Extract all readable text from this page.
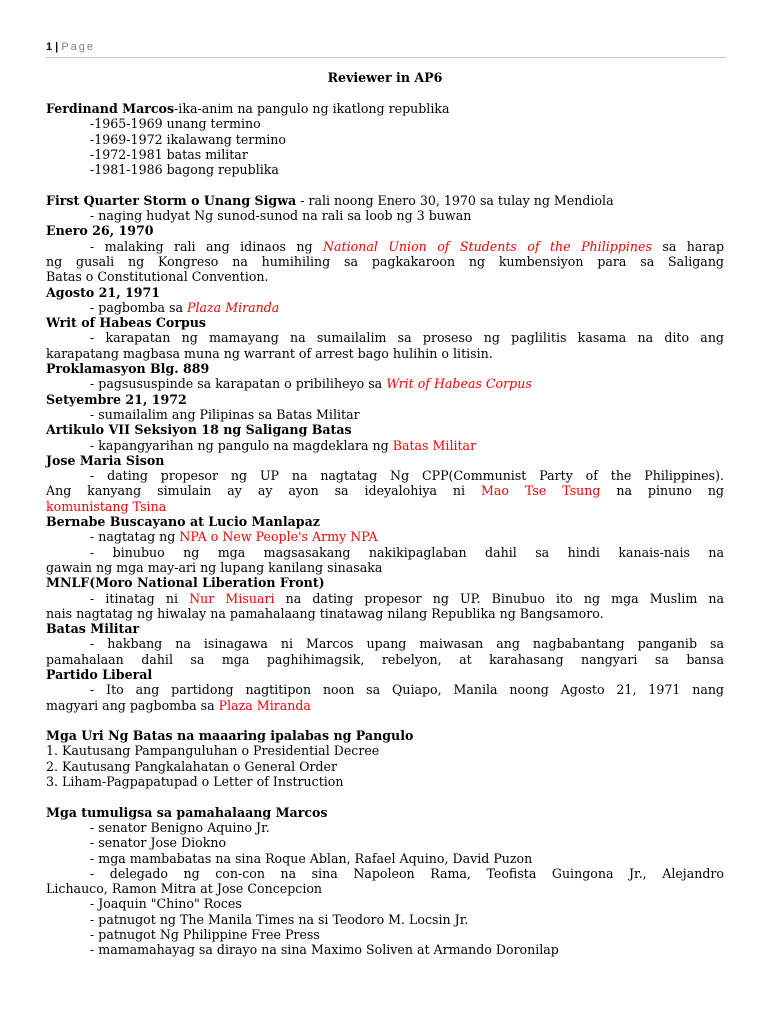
1 | Page
Reviewer in AP6
Ferdinand Marcos-ika-anim na pangulo ng ikatlong republika
-1965-1969 unang termino
-1969-1972 ikalawang termino
-1972-1981 batas militar
-1981-1986 bagong republika
First Quarter Storm o Unang Sigwa - rali noong Enero 30, 1970 sa tulay ng Mendiola
- naging hudyat Ng sunod-sunod na rali sa loob ng 3 buwan
Enero 26, 1970
- malaking rali ang idinaos ng National Union of Students of the Philippines sa harap
ng gusali ng Kongreso na humihiling sa pagkakaroon ng kumbensiyon para sa Saligang
Batas o Constitutional Convention.
Agosto 21, 1971
- pagbomba sa Plaza Miranda
Writ of Habeas Corpus
- karapatan ng mamayang na sumailalim sa proseso ng paglilitis kasama na dito ang
karapatang magbasa muna ng warrant of arrest bago hulihin o litisin.
Proklamasyon Blg. 889
- pagsususpinde sa karapatan o pribiliheyo sa Writ of Habeas Corpus
Setyembre 21, 1972
- sumailalim ang Pilipinas sa Batas Militar
Artikulo VII Seksiyon 18 ng Saligang Batas
- kapangyarihan ng pangulo na magdeklara ng Batas Militar
Jose Maria Sison
- dating propesor ng UP na nagtatag Ng CPP(Communist Party of the Philippines).
Ang kanyang simulain ay ay ayon sa ideyalohiya ni Mao Tse Tsung na pinuno ng
komunistang Tsina
Bernabe Buscayano at Lucio Manlapaz
- nagtatag ng NPA o New People's Army NPA
- binubuo ng mga magsasakang nakikipaglaban dahil sa hindi kanais-nais na
gawain ng mga may-ari ng lupang kanilang sinasaka
MNLF(Moro National Liberation Front)
- itinatag ni Nur Misuari na dating propesor ng UP. Binubuo ito ng mga Muslim na
nais nagtatag ng hiwalay na pamahalaang tinatawag nilang Republika ng Bangsamoro.
Batas Militar
- hakbang na isinagawa ni Marcos upang maiwasan ang nagbabantang panganib sa
pamahalaan dahil sa mga paghihimagsik, rebelyon, at karahasang nangyari sa bansa
Partido Liberal
- Ito ang partidong nagtitipon noon sa Quiapo, Manila noong Agosto 21, 1971 nang
magyari ang pagbomba sa Plaza Miranda
Mga Uri Ng Batas na maaaring ipalabas ng Pangulo
1. Kautusang Pampanguluhan o Presidential Decree
2. Kautusang Pangkalahatan o General Order
3. Liham-Pagpapatupad o Letter of Instruction
Mga tumuligsa sa pamahalaang Marcos
- senator Benigno Aquino Jr.
- senator Jose Diokno
- mga mambabatas na sina Roque Ablan, Rafael Aquino, David Puzon
- delegado ng con-con na sina Napoleon Rama, Teofista Guingona Jr., Alejandro
Lichauco, Ramon Mitra at Jose Concepcion
- Joaquin "Chino" Roces
- patnugot ng The Manila Times na si Teodoro M. Locsin Jr.
- patnugot Ng Philippine Free Press
- mamamahayag sa dirayo na sina Maximo Soliven at Armando Doronilap
